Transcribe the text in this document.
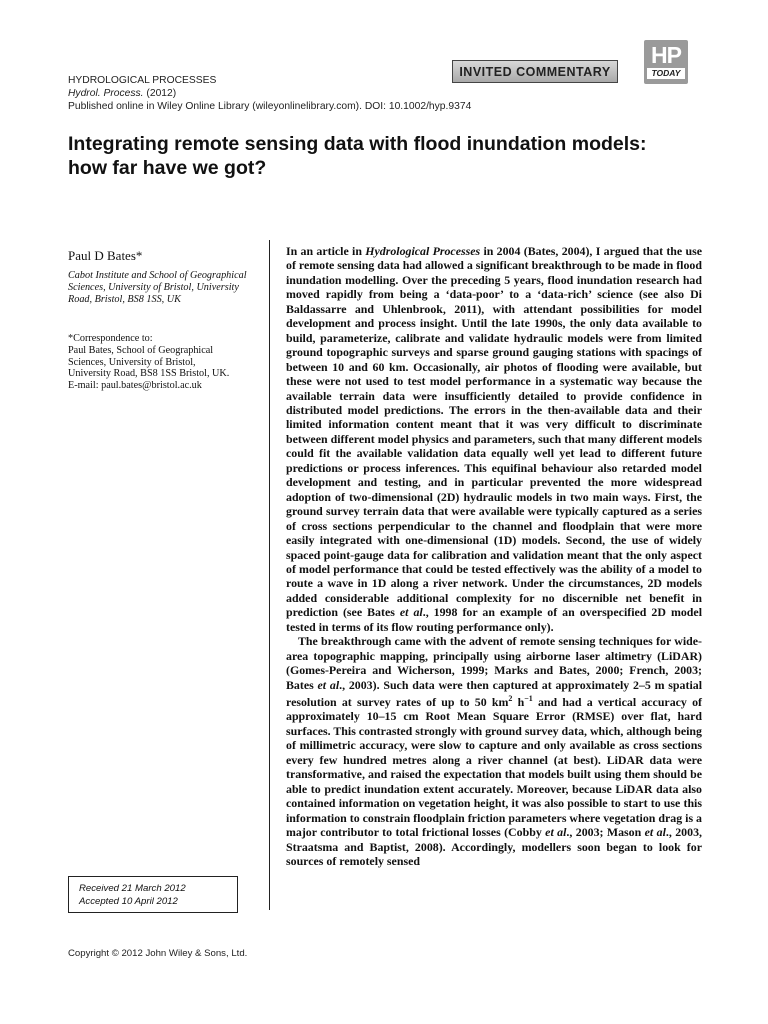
HYDROLOGICAL PROCESSES
Hydrol. Process. (2012)
Published online in Wiley Online Library (wileyonlinelibrary.com). DOI: 10.1002/hyp.9374
INVITED COMMENTARY
HP
TODAY
Integrating remote sensing data with flood inundation models:
how far have we got?

Paul D Bates*

Cabot Institute and School of Geographical Sciences, University of Bristol, University Road, Bristol, BS8 1SS, UK

*Correspondence to:
Paul Bates, School of Geographical
Sciences, University of Bristol,
University Road, BS8 1SS Bristol, UK.
E-mail: paul.bates@bristol.ac.uk

In an article in Hydrological Processes in 2004 (Bates, 2004), I argued that the use of remote sensing data had allowed a significant breakthrough to be made in flood inundation modelling. Over the preceding 5 years, flood inundation research had moved rapidly from being a ‘data-poor’ to a ‘data-rich’ science (see also Di Baldassarre and Uhlenbrook, 2011), with attendant possibilities for model development and process insight. Until the late 1990s, the only data available to build, parameterize, calibrate and validate hydraulic models were from limited ground topographic surveys and sparse ground gauging stations with spacings of between 10 and 60 km. Occasionally, air photos of flooding were available, but these were not used to test model performance in a systematic way because the available terrain data were insufficiently detailed to provide confidence in distributed model predictions. The errors in the then-available data and their limited information content meant that it was very difficult to discriminate between different model physics and parameters, such that many different models could fit the available validation data equally well yet lead to different future predictions or process inferences. This equifinal behaviour also retarded model development and testing, and in particular prevented the more widespread adoption of two-dimensional (2D) hydraulic models in two main ways. First, the ground survey terrain data that were available were typically captured as a series of cross sections perpendicular to the channel and floodplain that were more easily integrated with one-dimensional (1D) models. Second, the use of widely spaced point-gauge data for calibration and validation meant that the only aspect of model performance that could be tested effectively was the ability of a model to route a wave in 1D along a river network. Under the circumstances, 2D models added considerable additional complexity for no discernible net benefit in prediction (see Bates et al., 1998 for an example of an overspecified 2D model tested in terms of its flow routing performance only).

The breakthrough came with the advent of remote sensing techniques for wide-area topographic mapping, principally using airborne laser altimetry (LiDAR) (Gomes-Pereira and Wicherson, 1999; Marks and Bates, 2000; French, 2003; Bates et al., 2003). Such data were then captured at approximately 2–5 m spatial resolution at survey rates of up to 50 $km^2$ $h^{-1}$ and had a vertical accuracy of approximately 10–15 cm Root Mean Square Error (RMSE) over flat, hard surfaces. This contrasted strongly with ground survey data, which, although being of millimetric accuracy, were slow to capture and only available as cross sections every few hundred metres along a river channel (at best). LiDAR data were transformative, and raised the expectation that models built using them should be able to predict inundation extent accurately. Moreover, because LiDAR data also contained information on vegetation height, it was also possible to start to use this information to constrain floodplain friction parameters where vegetation drag is a major contributor to total frictional losses (Cobby et al., 2003; Mason et al., 2003, Straatsma and Baptist, 2008). Accordingly, modellers soon began to look for sources of remotely sensed

Received 21 March 2012
Accepted 10 April 2012
Copyright © 2012 John Wiley & Sons, Ltd.
